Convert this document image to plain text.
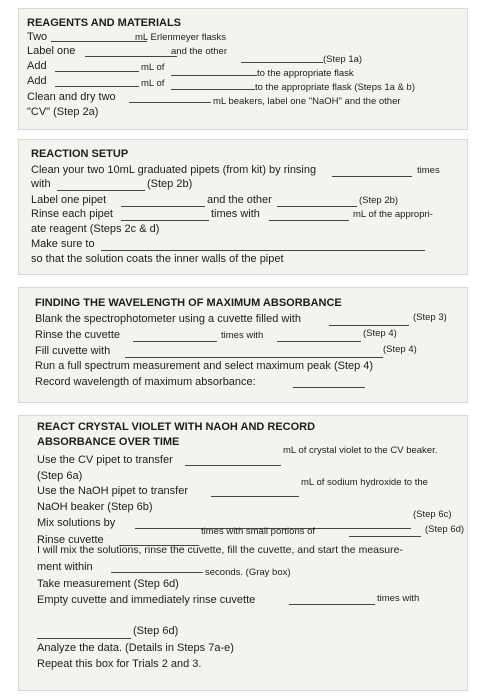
REAGENTS AND MATERIALS
Two	mL Erlenmeyer flasks
Label one	and the other
(Step 1a)
Add	mL of
to the appropriate flask
Add	mL of	to the appropriate flask (Steps 1a & b)
Clean and dry two	mL beakers, label one "NaOH" and the other
"CV" (Step 2a)
REACTION SETUP
Clean your two 10mL graduated pipets (from kit) by rinsing	times
with	(Step 2b)
Label one pipet	and the other	(Step 2b)
Rinse each pipet	times with	mL of the appropri-
ate reagent (Steps 2c & d)
Make sure to
so that the solution coats the inner walls of the pipet
FINDING THE WAVELENGTH OF MAXIMUM ABSORBANCE
Blank the spectrophotometer using a cuvette filled with	(Step 3)
Rinse the cuvette	times with	(Step 4)
Fill cuvette with	(Step 4)
Run a full spectrum measurement and select maximum peak (Step 4)
Record wavelength of maximum absorbance:
REACT CRYSTAL VIOLET WITH NAOH AND RECORD
ABSORBANCE OVER TIME
Use the CV pipet to transfer
mL of crystal violet to the CV beaker.
(Step 6a)
Use the NaOH pipet to transfer
mL of sodium hydroxide to the
NaOH beaker (Step 6b)
Mix solutions by
(Step 6c)
Rinse cuvette
times with small portions of	(Step 6d)
I will mix the solutions, rinse the cuvette, fill the cuvette, and start the measure-
ment within	seconds. (Gray box)
Take measurement (Step 6d)
Empty cuvette and immediately rinse cuvette	times with
(Step 6d)
Analyze the data. (Details in Steps 7a-e)
Repeat this box for Trials 2 and 3.
